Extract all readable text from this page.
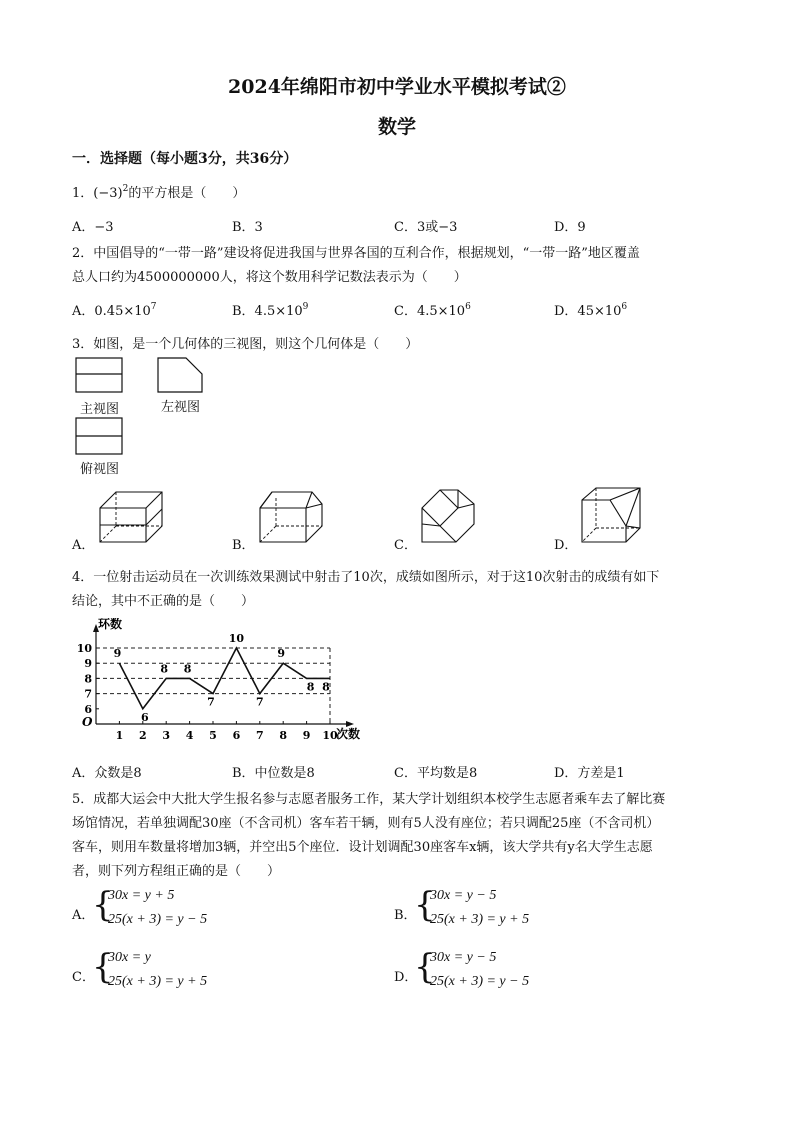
2024年绵阳市初中学业水平模拟考试②
数学
一．选择题（每小题3分，共36分）
1．$(-3)^2$的平方根是（　　）
A．−3	B．3	C．3或−3	D．9
2．中国倡导的“一带一路”建设将促进我国与世界各国的互利合作，根据规划，“一带一路”地区覆盖
总人口约为4500000000人，将这个数用科学记数法表示为（　　）
A．$0.45\times 10^7$	B．$4.5\times 10^9$	C．$4.5\times 10^6$	D．$45\times 10^6$
3．如图，是一个几何体的三视图，则这个几何体是（　　）
主视图	左视图
俯视图
A．	B．	C．	D．
4．一位射击运动员在一次训练效果测试中射击了10次，成绩如图所示，对于这10次射击的成绩有如下
结论，其中不正确的是（　　）
1 2 3 4 5 6 7 8 9 10
6
7
8
9
10 9
6
8 8
7
10
7
9
8 8
环数
次数
O
A．众数是8	B．中位数是8	C．平均数是8	D．方差是1
5．成都大运会中大批大学生报名参与志愿者服务工作，某大学计划组织本校学生志愿者乘车去了解比赛
场馆情况，若单独调配30座（不含司机）客车若干辆，则有5人没有座位；若只调配25座（不含司机）
客车，则用车数量将增加3辆，并空出5个座位．设计划调配30座客车x辆，该大学共有y名大学生志愿
者，则下列方程组正确的是（　　）
A．
{
30x = y + 5
25(x + 3) = y − 5	B．
{
30x = y − 5
25(x + 3) = y + 5
C．
{
30x = y
25(x + 3) = y + 5	D．
{
30x = y − 5
25(x + 3) = y − 5
